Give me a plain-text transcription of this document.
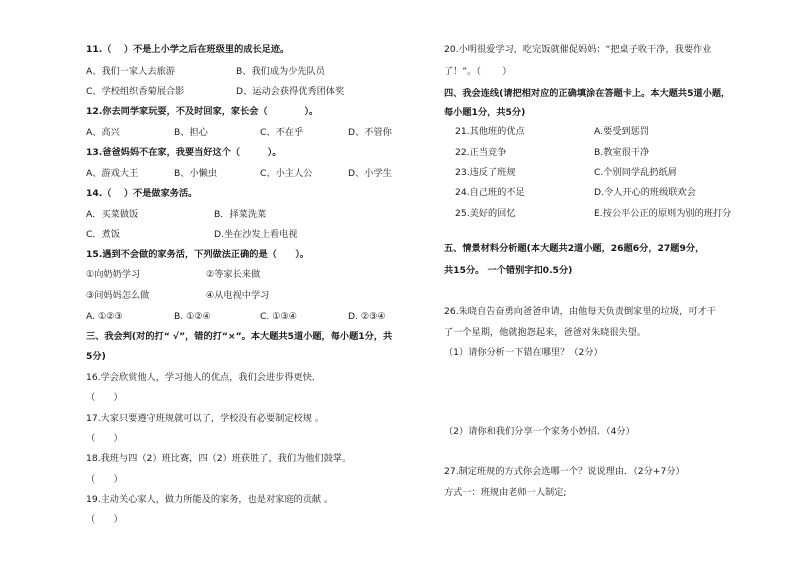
11.（　 ）不是上小学之后在班级里的成长足迹。
A、我们一家人去旅游	B、我们成为少先队员
C、学校组织香菊展合影	D、运动会获得优秀团体奖
12.你去同学家玩耍，不及时回家，家长会（　　　　）。
A、高兴	B、担心	C、不在乎	D、不管你
13.爸爸妈妈不在家，我要当好这个（　　　）。
A、游戏大王	B、小懒虫	C、小主人公	D、小学生
14.（　 ）不是做家务活。
A．买菜做饭	B．择菜洗菜
C．煮饭	D.坐在沙发上看电视
15.遇到不会做的家务活，下列做法正确的是（　　）。
①向奶奶学习	②等家长来做
③问妈妈怎么做	④从电视中学习
A. ①②③	B. ①②④	C. ①③④	D. ②③④
三、我会判(对的打“ √”，错的打“×”。本大题共5道小题，每小题1分，共
5分)
16.学会欣赏他人，学习他人的优点，我们会进步得更快．
（　　）
17.大家只要遵守班规就可以了，学校没有必要制定校规 。
（　　）
18.我班与四（2）班比赛，四（2）班获胜了，我们为他们鼓掌。
（　　）
19.主动关心家人，做力所能及的家务，也是对家庭的贡献 。
（　　）
20.小明很爱学习，吃完饭就催促妈妈：“把桌子收干净，我要作业
了！”。（　　 ）
四、我会连线(请把相对应的正确填涂在答题卡上。本大题共5道小题，
每小题1分，共5分)
21.其他班的优点	A.要受到惩罚
22.正当竞争	B.教室很干净
23.违反了班规	C.个别同学乱扔纸屑
24.自己班的不足	D.令人开心的班级联欢会
25.美好的回忆	E.按公平公正的原则为别的班打分
五、情景材料分析题(本大题共2道小题，26题6分，27题9分，
共15分。 一个错别字扣0.5分)
26.朱晓自告奋勇向爸爸申请，由他每天负责倒家里的垃圾，可才干
了一个星期，他就抱怨起来，爸爸对朱晓很失望。
（1）请你分析一下错在哪里？（2分）
（2）请你和我们分享一个家务小妙招．（4分）
27.制定班规的方式你会选哪一个？说说理由．（2分+7分）
方式一：班规由老师一人制定;
